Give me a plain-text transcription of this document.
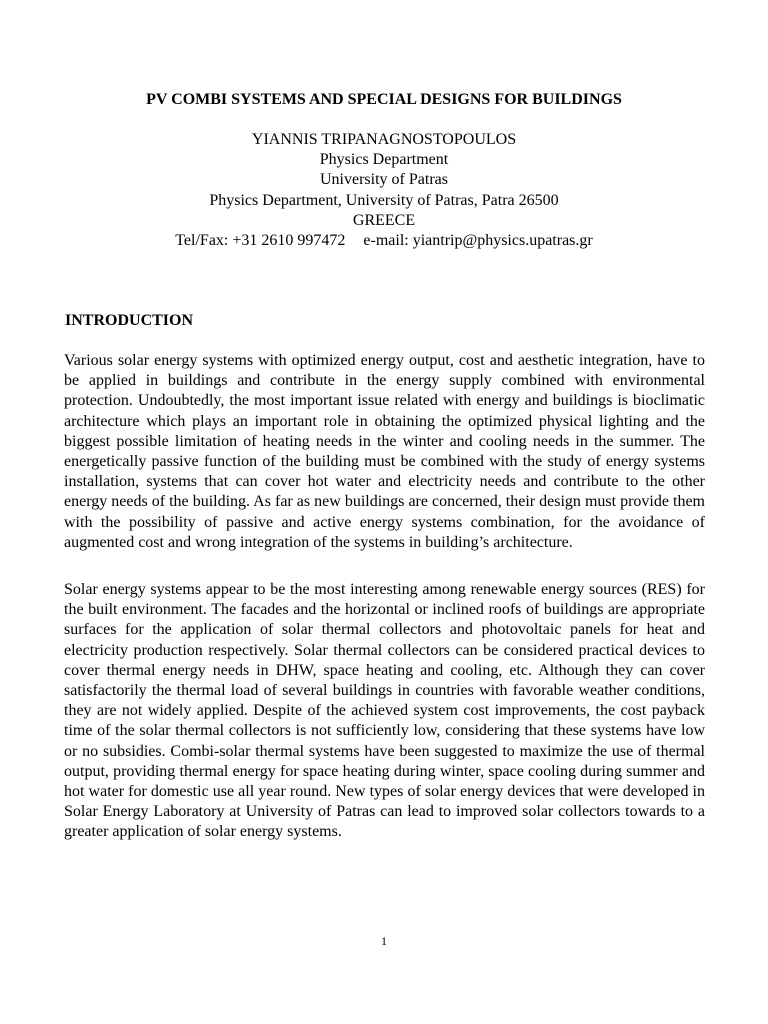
PV COMBI SYSTEMS AND SPECIAL DESIGNS FOR BUILDINGS
YIANNIS TRIPANAGNOSTOPOULOS
Physics Department
University of Patras
Physics Department, University of Patras, Patra 26500
GREECE
Tel/Fax: +31 2610 997472 e-mail: yiantrip@physics.upatras.gr
INTRODUCTION

Various solar energy systems with optimized energy output, cost and aesthetic integration, have to be applied in buildings and contribute in the energy supply combined with environmental protection. Undoubtedly, the most important issue related with energy and buildings is bioclimatic architecture which plays an important role in obtaining the optimized physical lighting and the biggest possible limitation of heating needs in the winter and cooling needs in the summer. The energetically passive function of the building must be combined with the study of energy systems installation, systems that can cover hot water and electricity needs and contribute to the other energy needs of the building. As far as new buildings are concerned, their design must provide them with the possibility of passive and active energy systems combination, for the avoidance of augmented cost and wrong integration of the systems in building’s architecture.

Solar energy systems appear to be the most interesting among renewable energy sources (RES) for the built environment. The facades and the horizontal or inclined roofs of buildings are appropriate surfaces for the application of solar thermal collectors and photovoltaic panels for heat and electricity production respectively. Solar thermal collectors can be considered practical devices to cover thermal energy needs in DHW, space heating and cooling, etc. Although they can cover satisfactorily the thermal load of several buildings in countries with favorable weather conditions, they are not widely applied. Despite of the achieved system cost improvements, the cost payback time of the solar thermal collectors is not sufficiently low, considering that these systems have low or no subsidies. Combi-solar thermal systems have been suggested to maximize the use of thermal output, providing thermal energy for space heating during winter, space cooling during summer and hot water for domestic use all year round. New types of solar energy devices that were developed in Solar Energy Laboratory at University of Patras can lead to improved solar collectors towards to a greater application of solar energy systems.

1
